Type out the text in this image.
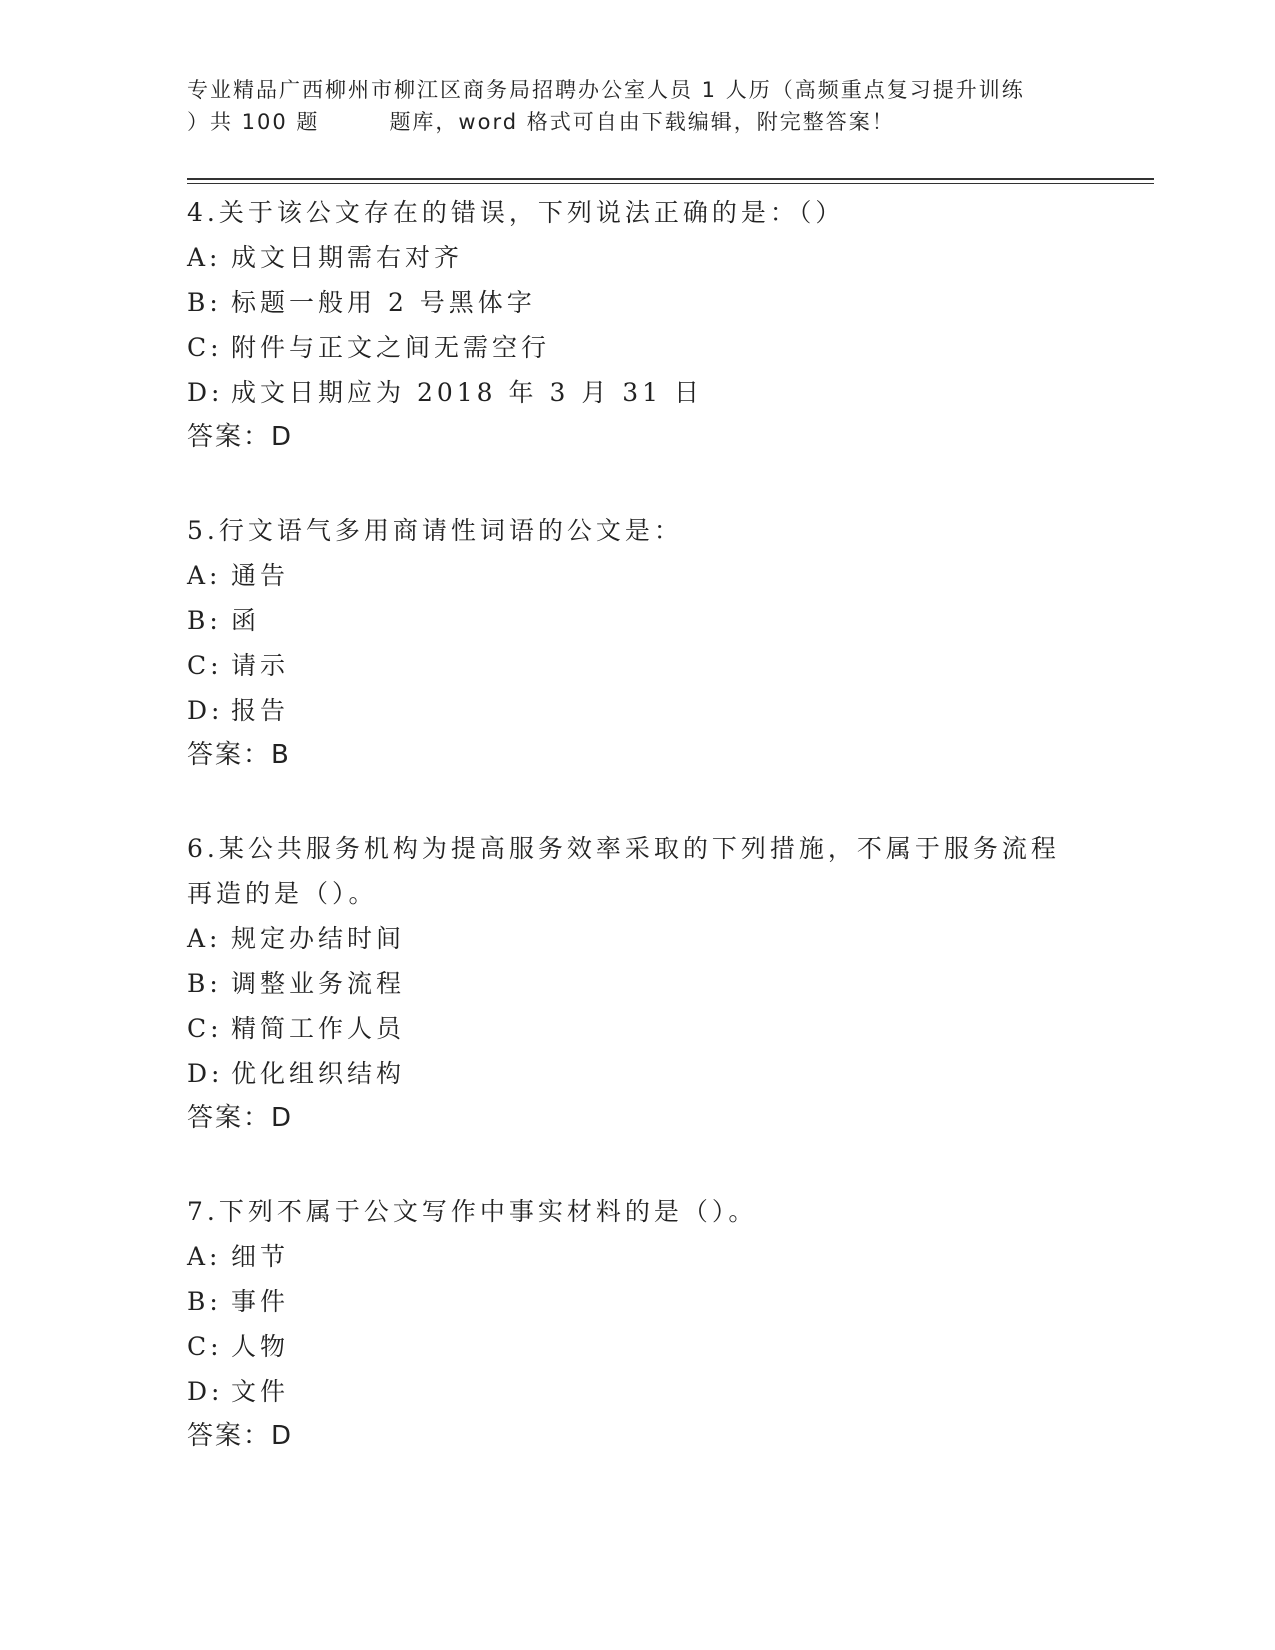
专业精品广西柳州市柳江区商务局招聘办公室人员 1 人历（高频重点复习提升训练
）共 100 题	题库，word 格式可自由下载编辑，附完整答案！

4.关于该公文存在的错误，下列说法正确的是：（）

A: 成文日期需右对齐

B: 标题一般用 2 号黑体字

C: 附件与正文之间无需空行

D: 成文日期应为 2018 年 3 月 31 日

答案：D

5.行文语气多用商请性词语的公文是：

A: 通告

B: 函

C: 请示

D: 报告

答案：B

6.某公共服务机构为提高服务效率采取的下列措施，不属于服务流程

再造的是（）。

A: 规定办结时间

B: 调整业务流程

C: 精简工作人员

D: 优化组织结构

答案：D

7.下列不属于公文写作中事实材料的是（）。

A: 细节

B: 事件

C: 人物

D: 文件

答案：D
